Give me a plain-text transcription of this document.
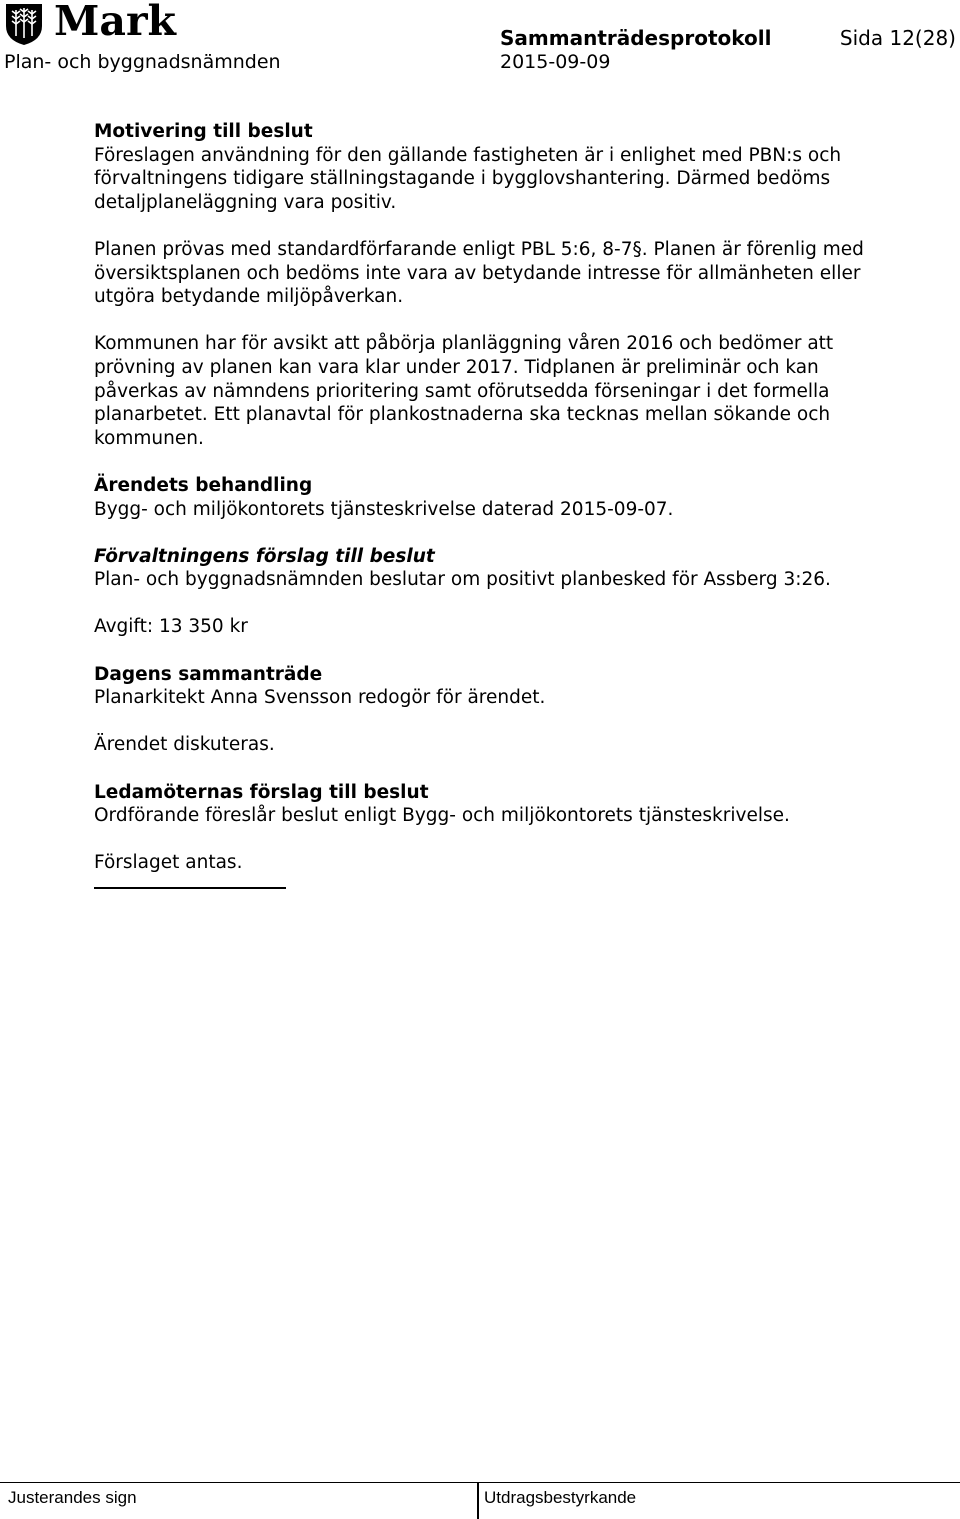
Mark
Plan- och byggnadsnämnden
Sammanträdesprotokoll
2015-09-09
Sida 12(28)
Motivering till beslut

Föreslagen användning för den gällande fastigheten är i enlighet med PBN:s och förvaltningens tidigare ställningstagande i bygglovshantering. Därmed bedöms detaljplaneläggning vara positiv.

Planen prövas med standardförfarande enligt PBL 5:6, 8-7§. Planen är förenlig med översiktsplanen och bedöms inte vara av betydande intresse för allmänheten eller utgöra betydande miljöpåverkan.

Kommunen har för avsikt att påbörja planläggning våren 2016 och bedömer att prövning av planen kan vara klar under 2017. Tidplanen är preliminär och kan påverkas av nämndens prioritering samt oförutsedda förseningar i det formella planarbetet. Ett planavtal för plankostnaderna ska tecknas mellan sökande och kommunen.

Ärendets behandling

Bygg- och miljökontorets tjänsteskrivelse daterad 2015-09-07.

Förvaltningens förslag till beslut

Plan- och byggnadsnämnden beslutar om positivt planbesked för Assberg 3:26.

Avgift: 13 350 kr

Dagens sammanträde

Planarkitekt Anna Svensson redogör för ärendet.

Ärendet diskuteras.

Ledamöternas förslag till beslut

Ordförande föreslår beslut enligt Bygg- och miljökontorets tjänsteskrivelse.

Förslaget antas.

Justerandes sign	Utdragsbestyrkande
